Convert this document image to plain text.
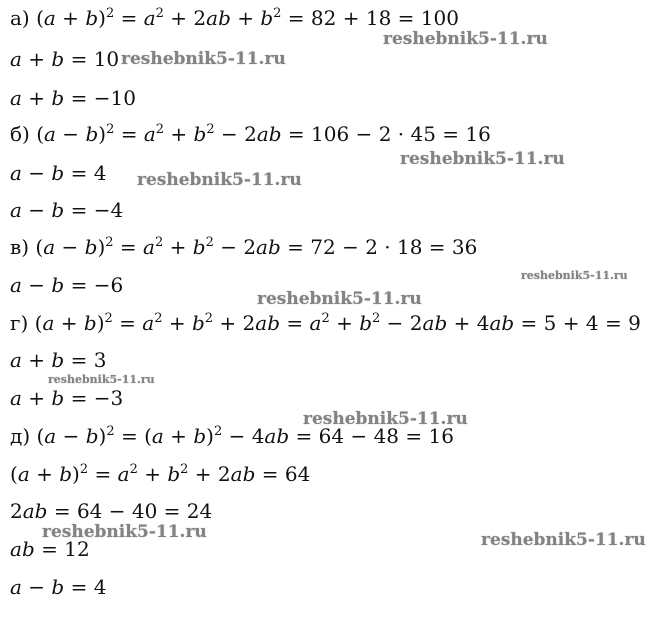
а) $(a + b)^2 = a^2 + 2ab + b^2 = 82 + 18 = 100$
a + b = 10
a + b = −10
б) $(a - b)^2 = a^2 + b^2 - 2ab = 106 - 2 \cdot 45 = 16$
a − b = 4
a − b = −4
в) $(a - b)^2 = a^2 + b^2 - 2ab = 72 - 2 \cdot 18 = 36$
a − b = −6
г) $(a + b)^2 = a^2 + b^2 + 2ab = a^2 + b^2 - 2ab + 4ab = 5 + 4 = 9$
a + b = 3
a + b = −3
д) $(a - b)^2 = (a + b)^2 - 4ab = 64 - 48 = 16$
$(a + b)^2 = a^2 + b^2 + 2ab = 64$
2ab = 64 − 40 = 24
ab = 12
a − b = 4
reshebnik5-11.ru
reshebnik5-11.ru
reshebnik5-11.ru
reshebnik5-11.ru
reshebnik5-11.ru
reshebnik5-11.ru
reshebnik5-11.ru
reshebnik5-11.ru
reshebnik5-11.ru	reshebnik5-11.ru
